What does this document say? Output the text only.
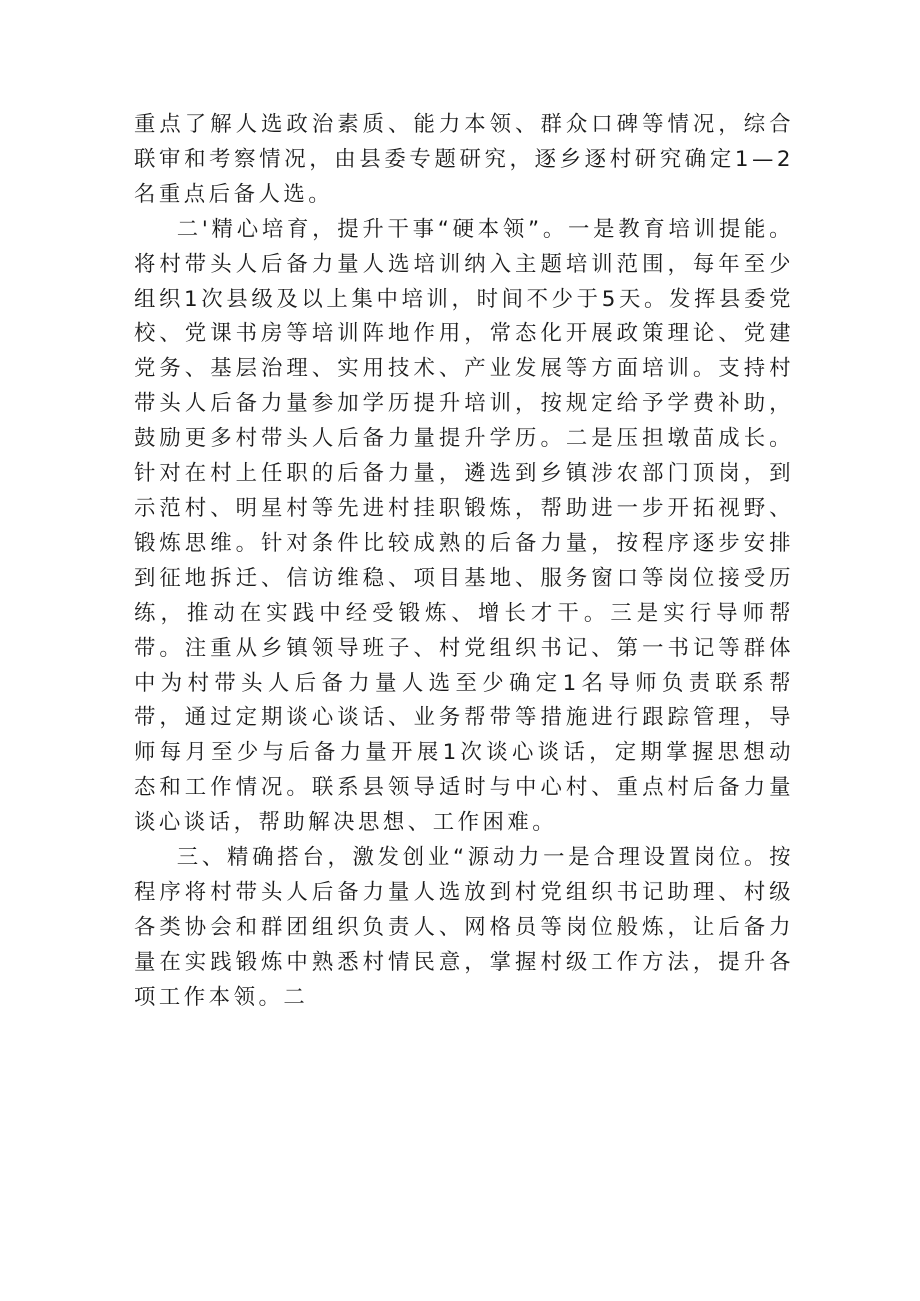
重点了解人选政治素质、能力本领、群众口碑等情况，综合联审和考察情况，由县委专题研究，逐乡逐村研究确定1—2名重点后备人选。

二'精心培育，提升干事“硬本领”。一是教育培训提能。将村带头人后备力量人选培训纳入主题培训范围，每年至少组织1次县级及以上集中培训，时间不少于5天。发挥县委党校、党课书房等培训阵地作用，常态化开展政策理论、党建党务、基层治理、实用技术、产业发展等方面培训。支持村带头人后备力量参加学历提升培训，按规定给予学费补助，鼓励更多村带头人后备力量提升学历。二是压担墩苗成长。针对在村上任职的后备力量，遴选到乡镇涉农部门顶岗，到示范村、明星村等先进村挂职锻炼，帮助进一步开拓视野、锻炼思维。针对条件比较成熟的后备力量，按程序逐步安排到征地拆迁、信访维稳、项目基地、服务窗口等岗位接受历练，推动在实践中经受锻炼、增长才干。三是实行导师帮带。注重从乡镇领导班子、村党组织书记、第一书记等群体中为村带头人后备力量人选至少确定1名导师负责联系帮带，通过定期谈心谈话、业务帮带等措施进行跟踪管理，导师每月至少与后备力量开展1次谈心谈话，定期掌握思想动态和工作情况。联系县领导适时与中心村、重点村后备力量谈心谈话，帮助解决思想、工作困难。

三、精确搭台，激发创业“源动力一是合理设置岗位。按程序将村带头人后备力量人选放到村党组织书记助理、村级各类协会和群团组织负责人、网格员等岗位般炼，让后备力量在实践锻炼中熟悉村情民意，掌握村级工作方法，提升各项工作本领。二
